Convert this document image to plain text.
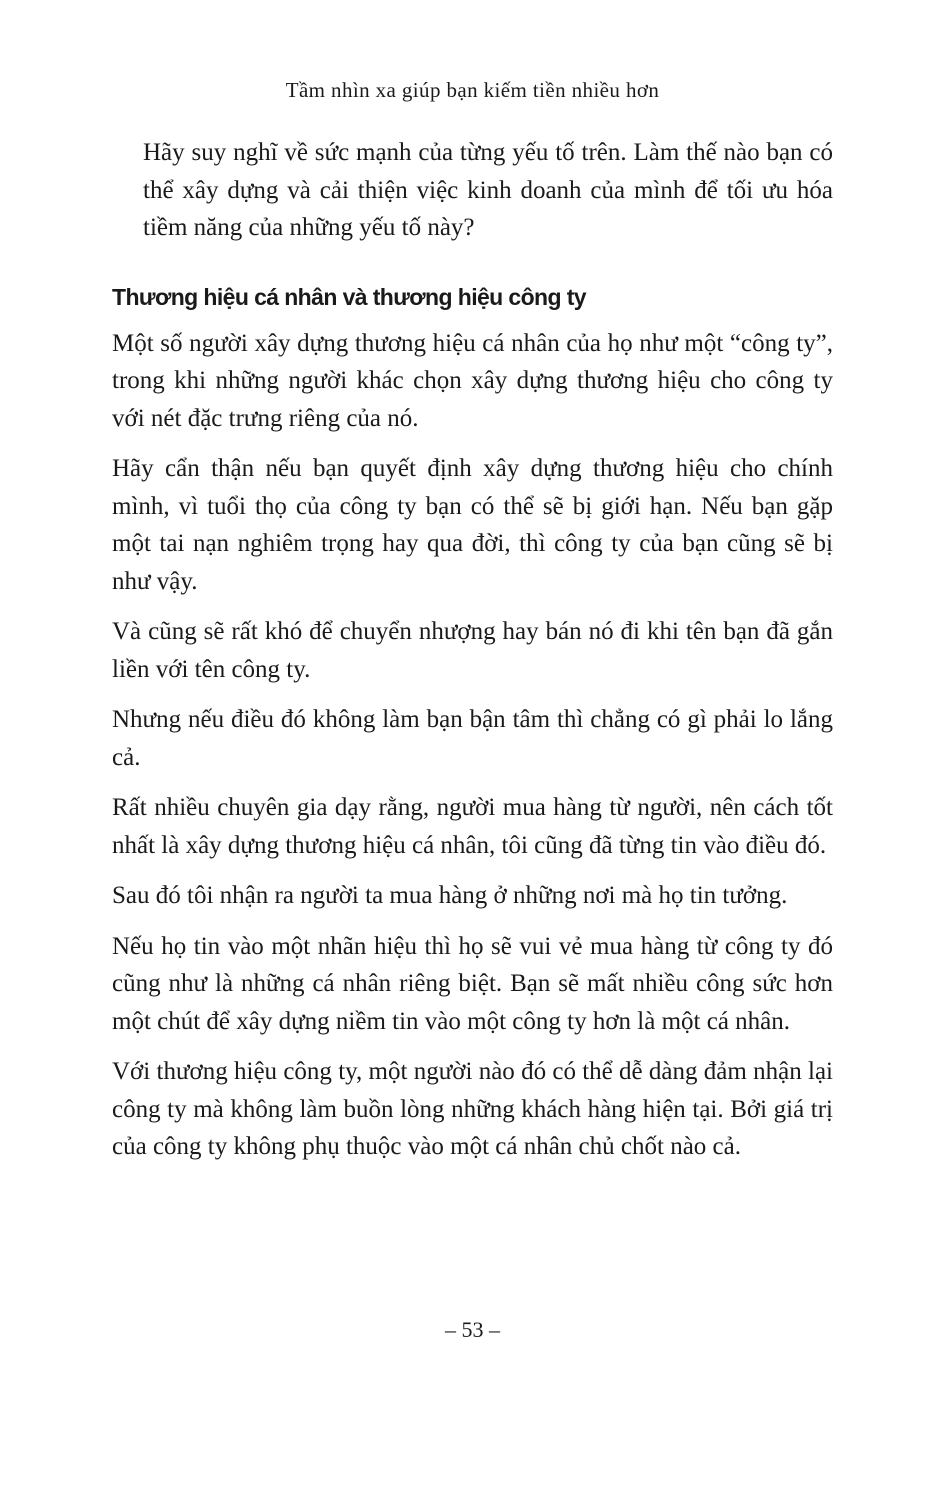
Tầm nhìn xa giúp bạn kiếm tiền nhiều hơn

Hãy suy nghĩ về sức mạnh của từng yếu tố trên. Làm thế nào bạn có thể xây dựng và cải thiện việc kinh doanh của mình để tối ưu hóa tiềm năng của những yếu tố này?

Thương hiệu cá nhân và thương hiệu công ty

Một số người xây dựng thương hiệu cá nhân của họ như một “công ty”, trong khi những người khác chọn xây dựng thương hiệu cho công ty với nét đặc trưng riêng của nó.

Hãy cẩn thận nếu bạn quyết định xây dựng thương hiệu cho chính mình, vì tuổi thọ của công ty bạn có thể sẽ bị giới hạn. Nếu bạn gặp một tai nạn nghiêm trọng hay qua đời, thì công ty của bạn cũng sẽ bị như vậy.

Và cũng sẽ rất khó để chuyển nhượng hay bán nó đi khi tên bạn đã gắn liền với tên công ty.

Nhưng nếu điều đó không làm bạn bận tâm thì chẳng có gì phải lo lắng cả.

Rất nhiều chuyên gia dạy rằng, người mua hàng từ người, nên cách tốt nhất là xây dựng thương hiệu cá nhân, tôi cũng đã từng tin vào điều đó.

Sau đó tôi nhận ra người ta mua hàng ở những nơi mà họ tin tưởng.

Nếu họ tin vào một nhãn hiệu thì họ sẽ vui vẻ mua hàng từ công ty đó cũng như là những cá nhân riêng biệt. Bạn sẽ mất nhiều công sức hơn một chút để xây dựng niềm tin vào một công ty hơn là một cá nhân.

Với thương hiệu công ty, một người nào đó có thể dễ dàng đảm nhận lại công ty mà không làm buồn lòng những khách hàng hiện tại. Bởi giá trị của công ty không phụ thuộc vào một cá nhân chủ chốt nào cả.

– 53 –
